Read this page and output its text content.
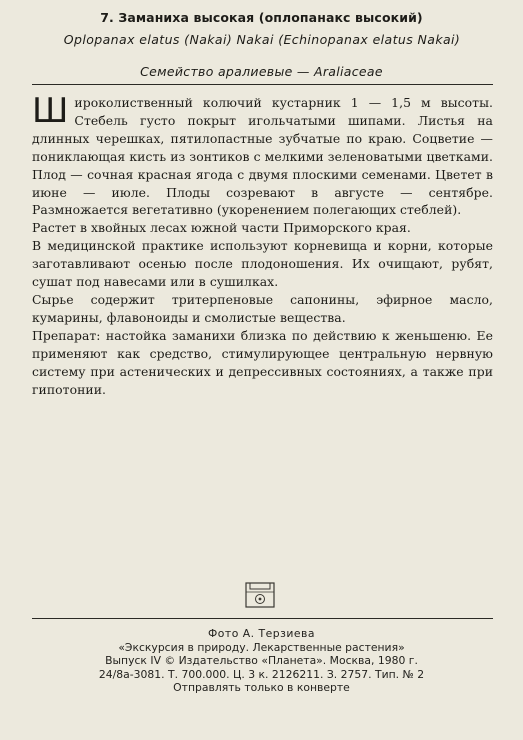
7. Заманиха высокая (оплопанакс высокий)
Oplopanax elatus (Nakai) Nakai (Echinopanax elatus Nakai)
Семейство аралиевые — Araliaceae

Широколиственный колючий кустарник 1 — 1,5 м высоты. Стебель густо покрыт игольчатыми шипами. Листья на длинных черешках, пятилопастные зубчатые по краю. Соцветие — пониклающая кисть из зонтиков с мелкими зеленоватыми цветками. Плод — сочная красная ягода с двумя плоскими семенами. Цветет в июне — июле. Плоды созревают в августе — сентябре. Размножается вегетативно (укоренением полегающих стеблей).

Растет в хвойных лесах южной части Приморского края.

В медицинской практике используют корневища и корни, которые заготавливают осенью после плодоношения. Их очищают, рубят, сушат под навесами или в сушилках.

Сырье содержит тритерпеновые сапонины, эфирное масло, кумарины, флавоноиды и смолистые вещества.

Препарат: настойка заманихи близка по действию к женьшеню. Ее применяют как средство, стимулирующее центральную нервную систему при астенических и депрессивных состояниях, а также при гипотонии.

Фото А. Терзиева
«Экскурсия в природу. Лекарственные растения»
Выпуск IV © Издательство «Планета». Москва, 1980 г.
24/8а-3081. Т. 700.000. Ц. 3 к. 2126211. З. 2757. Тип. № 2
Отправлять только в конверте
